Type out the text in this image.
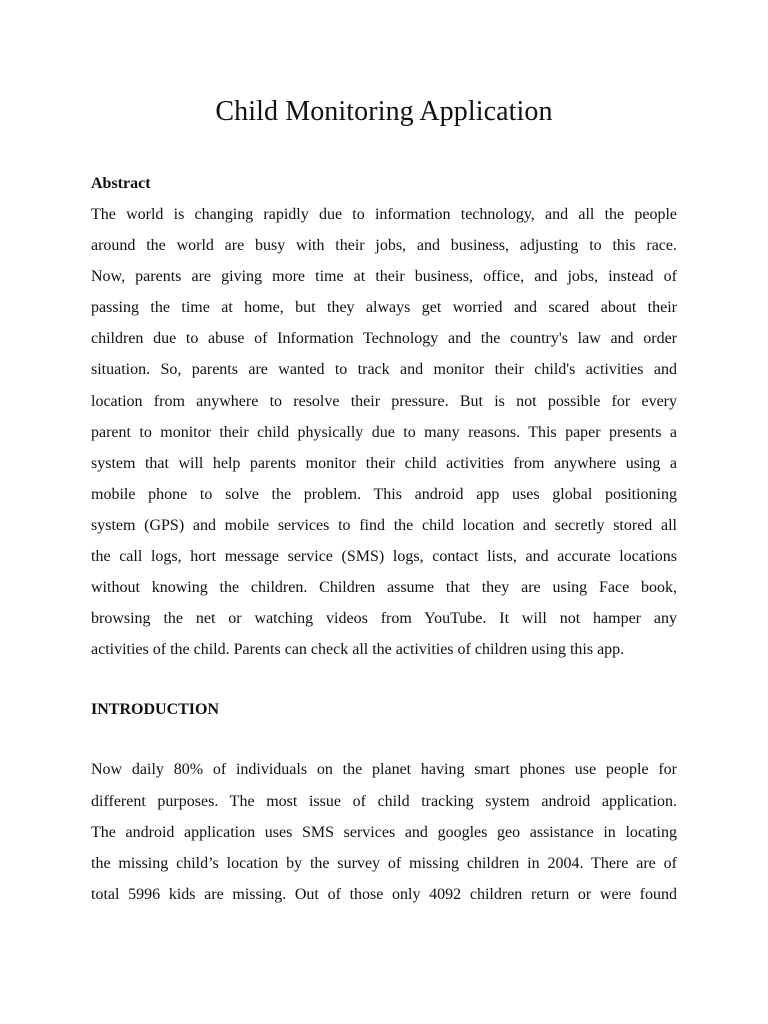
Child Monitoring Application
Abstract
The world is changing rapidly due to information technology, and all the people
around the world are busy with their jobs, and business, adjusting to this race.
Now, parents are giving more time at their business, office, and jobs, instead of
passing the time at home, but they always get worried and scared about their
children due to abuse of Information Technology and the country's law and order
situation. So, parents are wanted to track and monitor their child's activities and
location from anywhere to resolve their pressure. But is not possible for every
parent to monitor their child physically due to many reasons. This paper presents a
system that will help parents monitor their child activities from anywhere using a
mobile phone to solve the problem. This android app uses global positioning
system (GPS) and mobile services to find the child location and secretly stored all
the call logs, hort message service (SMS) logs, contact lists, and accurate locations
without knowing the children. Children assume that they are using Face book,
browsing the net or watching videos from YouTube. It will not hamper any
activities of the child. Parents can check all the activities of children using this app.
INTRODUCTION
Now daily 80% of individuals on the planet having smart phones use people for
different purposes. The most issue of child tracking system android application.
The android application uses SMS services and googles geo assistance in locating
the missing child’s location by the survey of missing children in 2004. There are of
total 5996 kids are missing. Out of those only 4092 children return or were found
